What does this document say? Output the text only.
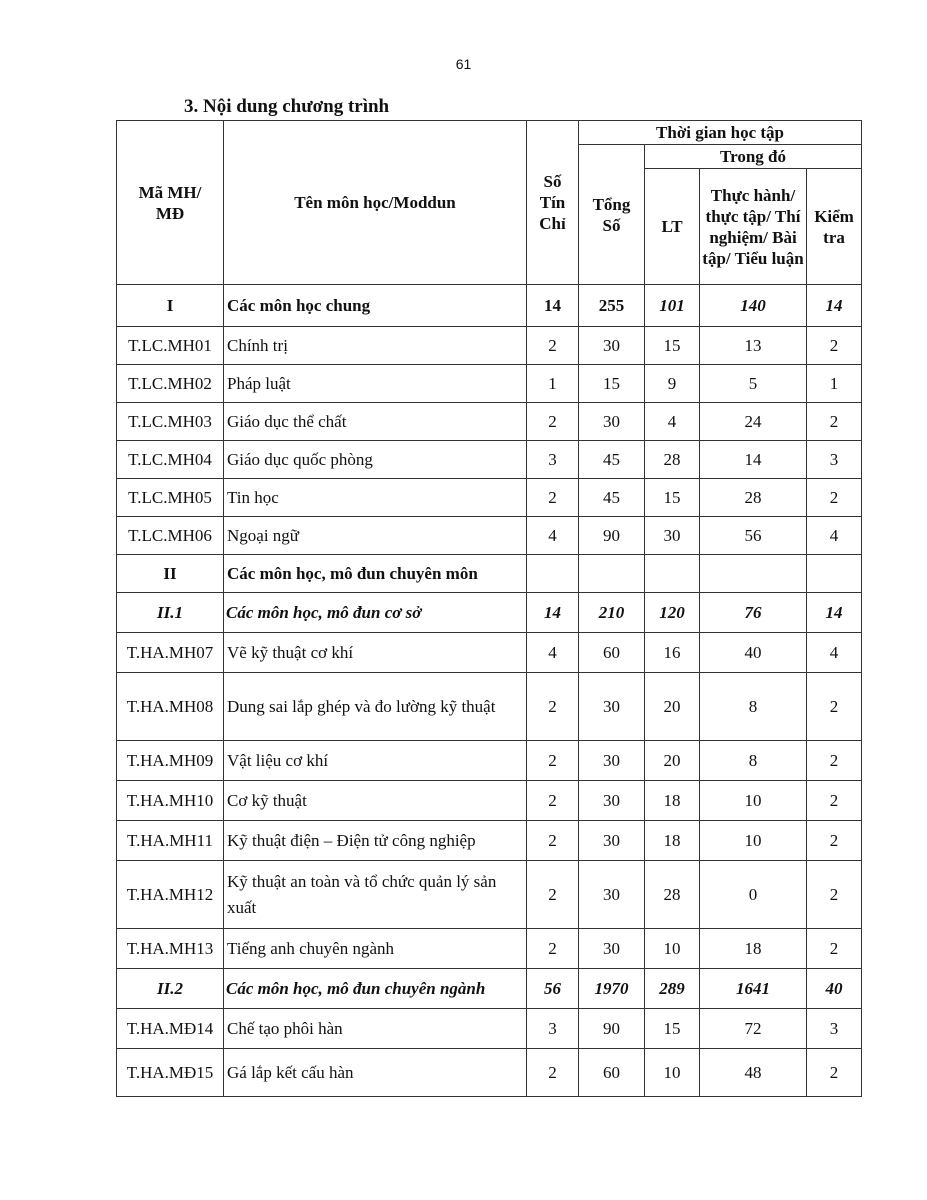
61
3. Nội dung chương trình
Mã MH/ MĐ	Tên môn học/Moddun	Số Tín Chỉ	Thời gian học tập			
			Tổng Số	Trong đó		
				LT	Thực hành/ thực tập/ Thí nghiệm/ Bài tập/ Tiểu luận	Kiểm tra
I	Các môn học chung	14	255	101	140	14
T.LC.MH01	Chính trị	2	30	15	13	2
T.LC.MH02	Pháp luật	1	15	9	5	1
T.LC.MH03	Giáo dục thể chất	2	30	4	24	2
T.LC.MH04	Giáo dục quốc phòng	3	45	28	14	3
T.LC.MH05	Tin học	2	45	15	28	2
T.LC.MH06	Ngoại ngữ	4	90	30	56	4
II	Các môn học, mô đun chuyên môn					
II.1	Các môn học, mô đun cơ sở	14	210	120	76	14
T.HA.MH07	Vẽ kỹ thuật cơ khí	4	60	16	40	4
T.HA.MH08	Dung sai lắp ghép và đo lường kỹ thuật	2	30	20	8	2
T.HA.MH09	Vật liệu cơ khí	2	30	20	8	2
T.HA.MH10	Cơ kỹ thuật	2	30	18	10	2
T.HA.MH11	Kỹ thuật điện – Điện tử công nghiệp	2	30	18	10	2
T.HA.MH12	Kỹ thuật an toàn và tổ chức quản lý sản xuất	2	30	28	0	2
T.HA.MH13	Tiếng anh chuyên ngành	2	30	10	18	2
II.2	Các môn học, mô đun chuyên ngành	56	1970	289	1641	40
T.HA.MĐ14	Chế tạo phôi hàn	3	90	15	72	3
T.HA.MĐ15	Gá lắp kết cấu hàn	2	60	10	48	2
